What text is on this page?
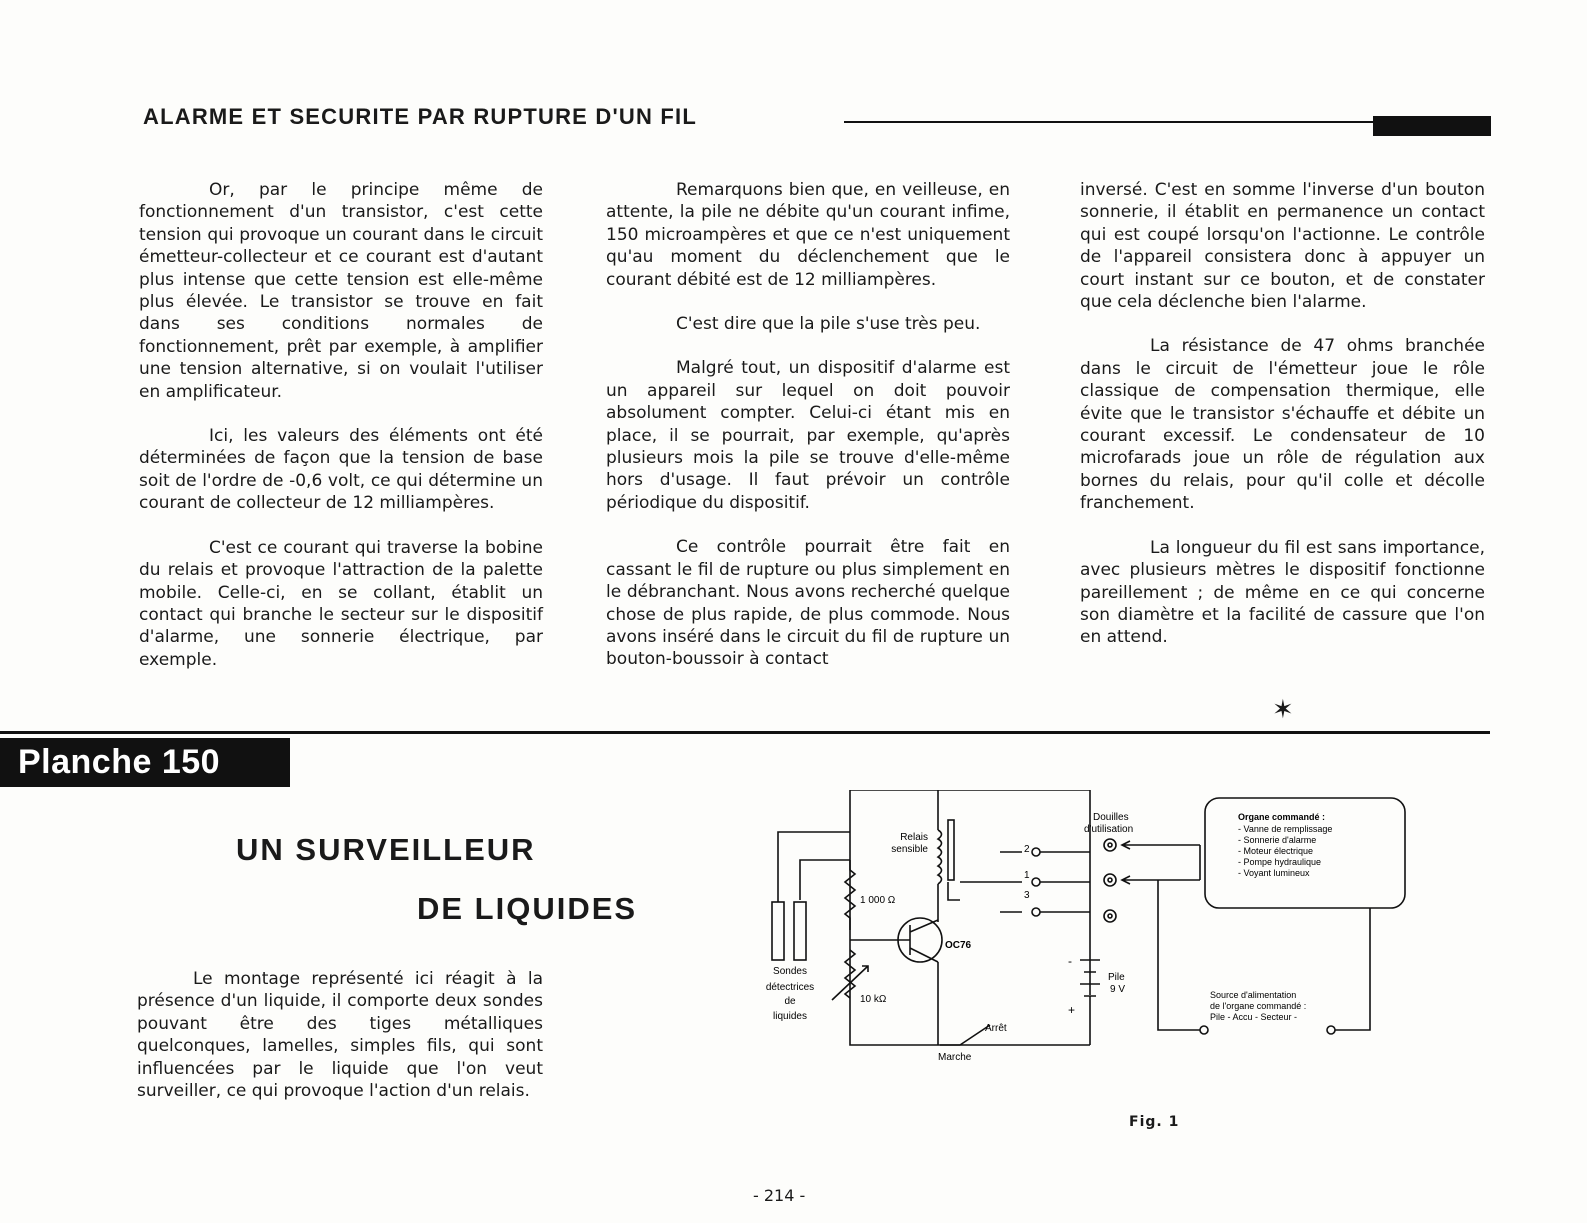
ALARME ET SECURITE PAR RUPTURE D'UN FIL

Or, par le principe même de fonctionnement d'un transistor, c'est cette tension qui provoque un courant dans le circuit émetteur-collecteur et ce courant est d'autant plus intense que cette tension est elle-même plus élevée. Le transistor se trouve en fait dans ses conditions normales de fonctionnement, prêt par exemple, à amplifier une tension alternative, si on voulait l'utiliser en amplificateur.

Ici, les valeurs des éléments ont été déterminées de façon que la tension de base soit de l'ordre de -0,6 volt, ce qui détermine un courant de collecteur de 12 milliampères.

C'est ce courant qui traverse la bobine du relais et provoque l'attraction de la palette mobile. Celle-ci, en se collant, établit un contact qui branche le secteur sur le dispositif d'alarme, une sonnerie électrique, par exemple.

Remarquons bien que, en veilleuse, en attente, la pile ne débite qu'un courant infime, 150 microampères et que ce n'est uniquement qu'au moment du déclenchement que le courant débité est de 12 milliampères.

C'est dire que la pile s'use très peu.

Malgré tout, un dispositif d'alarme est un appareil sur lequel on doit pouvoir absolument compter. Celui-ci étant mis en place, il se pourrait, par exemple, qu'après plusieurs mois la pile se trouve d'elle-même hors d'usage. Il faut prévoir un contrôle périodique du dispositif.

Ce contrôle pourrait être fait en cassant le fil de rupture ou plus simplement en le débranchant. Nous avons recherché quelque chose de plus rapide, de plus commode. Nous avons inséré dans le circuit du fil de rupture un bouton-boussoir à contact

inversé. C'est en somme l'inverse d'un bouton sonnerie, il établit en permanence un contact qui est coupé lorsqu'on l'actionne. Le contrôle de l'appareil consistera donc à appuyer un court instant sur ce bouton, et de constater que cela déclenche bien l'alarme.

La résistance de 47 ohms branchée dans le circuit de l'émetteur joue le rôle classique de compensation thermique, elle évite que le transistor s'échauffe et débite un courant excessif. Le condensateur de 10 microfarads joue un rôle de régulation aux bornes du relais, pour qu'il colle et décolle franchement.

La longueur du fil est sans importance, avec plusieurs mètres le dispositif fonctionne pareillement ; de même en ce qui concerne son diamètre et la facilité de cassure que l'on en attend.

✶
Planche 150
UN SURVEILLEUR
DE LIQUIDES

Le montage représenté ici réagit à la présence d'un liquide, il comporte deux sondes pouvant être des tiges métalliques quelconques, lamelles, simples fils, qui sont influencées par le liquide que l'on veut surveiller, ce qui provoque l'action d'un relais.

Relais
sensible
Douilles
d'utilisation
2
1
3
Organe commandé :
- Vanne de remplissage
- Sonnerie d'alarme
- Moteur électrique
- Pompe hydraulique
- Voyant lumineux
1 000 Ω
10 kΩ
OC76
Sondes
détectrices
de
liquides
-
+
Pile
9 V
Arrêt
Marche
Source d'alimentation
de l'organe commandé :
Pile - Accu - Secteur -
Fig. 1
- 214 -
